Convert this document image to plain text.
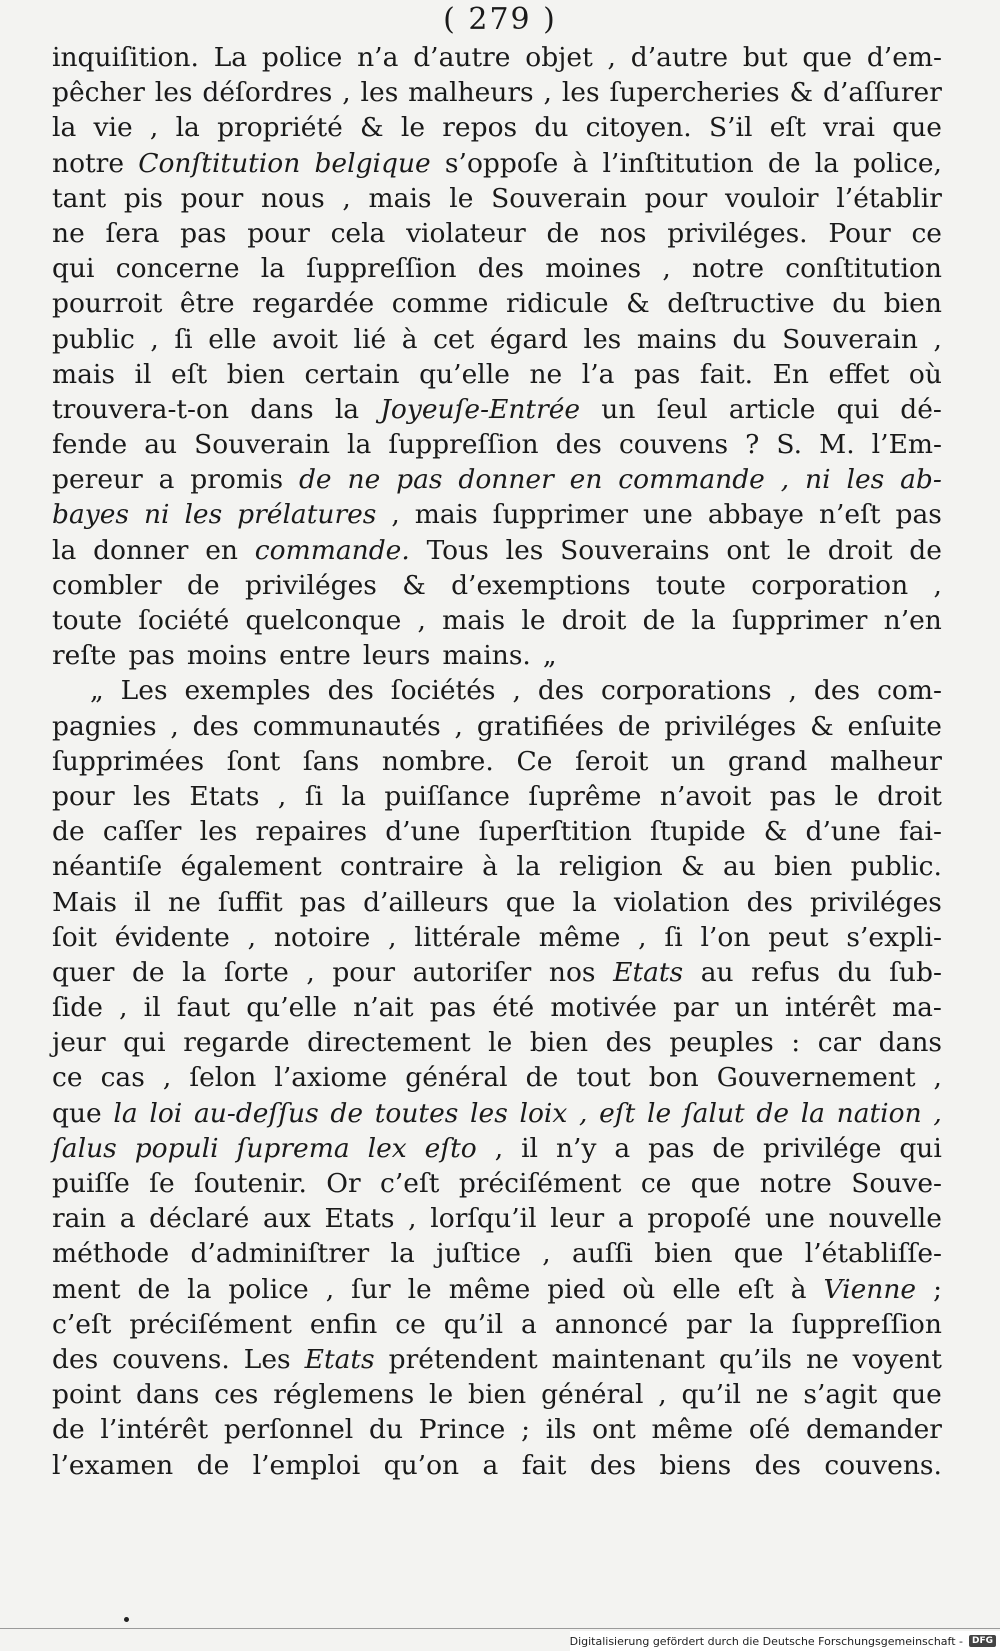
( 279 )
inquiſition. La police n’a d’autre objet , d’autre but que d’em-
pêcher les déſordres , les malheurs , les ſupercheries & d’aſſurer
la vie , la propriété & le repos du citoyen. S’il eſt vrai que
notre Conſtitution belgique s’oppoſe à l’inſtitution de la police,
tant pis pour nous , mais le Souverain pour vouloir l’établir
ne ſera pas pour cela violateur de nos priviléges. Pour ce
qui concerne la ſuppreſſion des moines , notre conſtitution
pourroit être regardée comme ridicule & deſtructive du bien
public , ſi elle avoit lié à cet égard les mains du Souverain ,
mais il eſt bien certain qu’elle ne l’a pas fait. En effet où
trouvera-t-on dans la Joyeuſe-Entrée un ſeul article qui dé-
fende au Souverain la ſuppreſſion des couvens ? S. M. l’Em-
pereur a promis de ne pas donner en commande , ni les ab-
bayes ni les prélatures , mais ſupprimer une abbaye n’eſt pas
la donner en commande. Tous les Souverains ont le droit de
combler de priviléges & d’exemptions toute corporation ,
toute ſociété quelconque , mais le droit de la ſupprimer n’en
reſte pas moins entre leurs mains. „
„ Les exemples des ſociétés , des corporations , des com-
pagnies , des communautés , gratifiées de priviléges & enſuite
ſupprimées ſont ſans nombre. Ce ſeroit un grand malheur
pour les Etats , ſi la puiſſance ſuprême n’avoit pas le droit
de caſſer les repaires d’une ſuperſtition ſtupide & d’une fai-
néantiſe également contraire à la religion & au bien public.
Mais il ne ſuffit pas d’ailleurs que la violation des priviléges
ſoit évidente , notoire , littérale même , ſi l’on peut s’expli-
quer de la ſorte , pour autoriſer nos Etats au refus du ſub-
ſide , il faut qu’elle n’ait pas été motivée par un intérêt ma-
jeur qui regarde directement le bien des peuples : car dans
ce cas , ſelon l’axiome général de tout bon Gouvernement ,
que la loi au-deſſus de toutes les loix , eſt le ſalut de la nation ,
ſalus populi ſuprema lex eſto , il n’y a pas de privilége qui
puiſſe ſe ſoutenir. Or c’eſt préciſément ce que notre Souve-
rain a déclaré aux Etats , lorſqu’il leur a propoſé une nouvelle
méthode d’adminiſtrer la juſtice , auſſi bien que l’établiſſe-
ment de la police , ſur le même pied où elle eſt à Vienne ;
c’eſt préciſément enfin ce qu’il a annoncé par la ſuppreſſion
des couvens. Les Etats prétendent maintenant qu’ils ne voyent
point dans ces réglemens le bien général , qu’il ne s’agit que
de l’intérêt perſonnel du Prince ; ils ont même oſé demander
l’examen de l’emploi qu’on a fait des biens des couvens.
Digitalisierung gefördert durch die Deutsche Forschungsgemeinschaft -	DFG
